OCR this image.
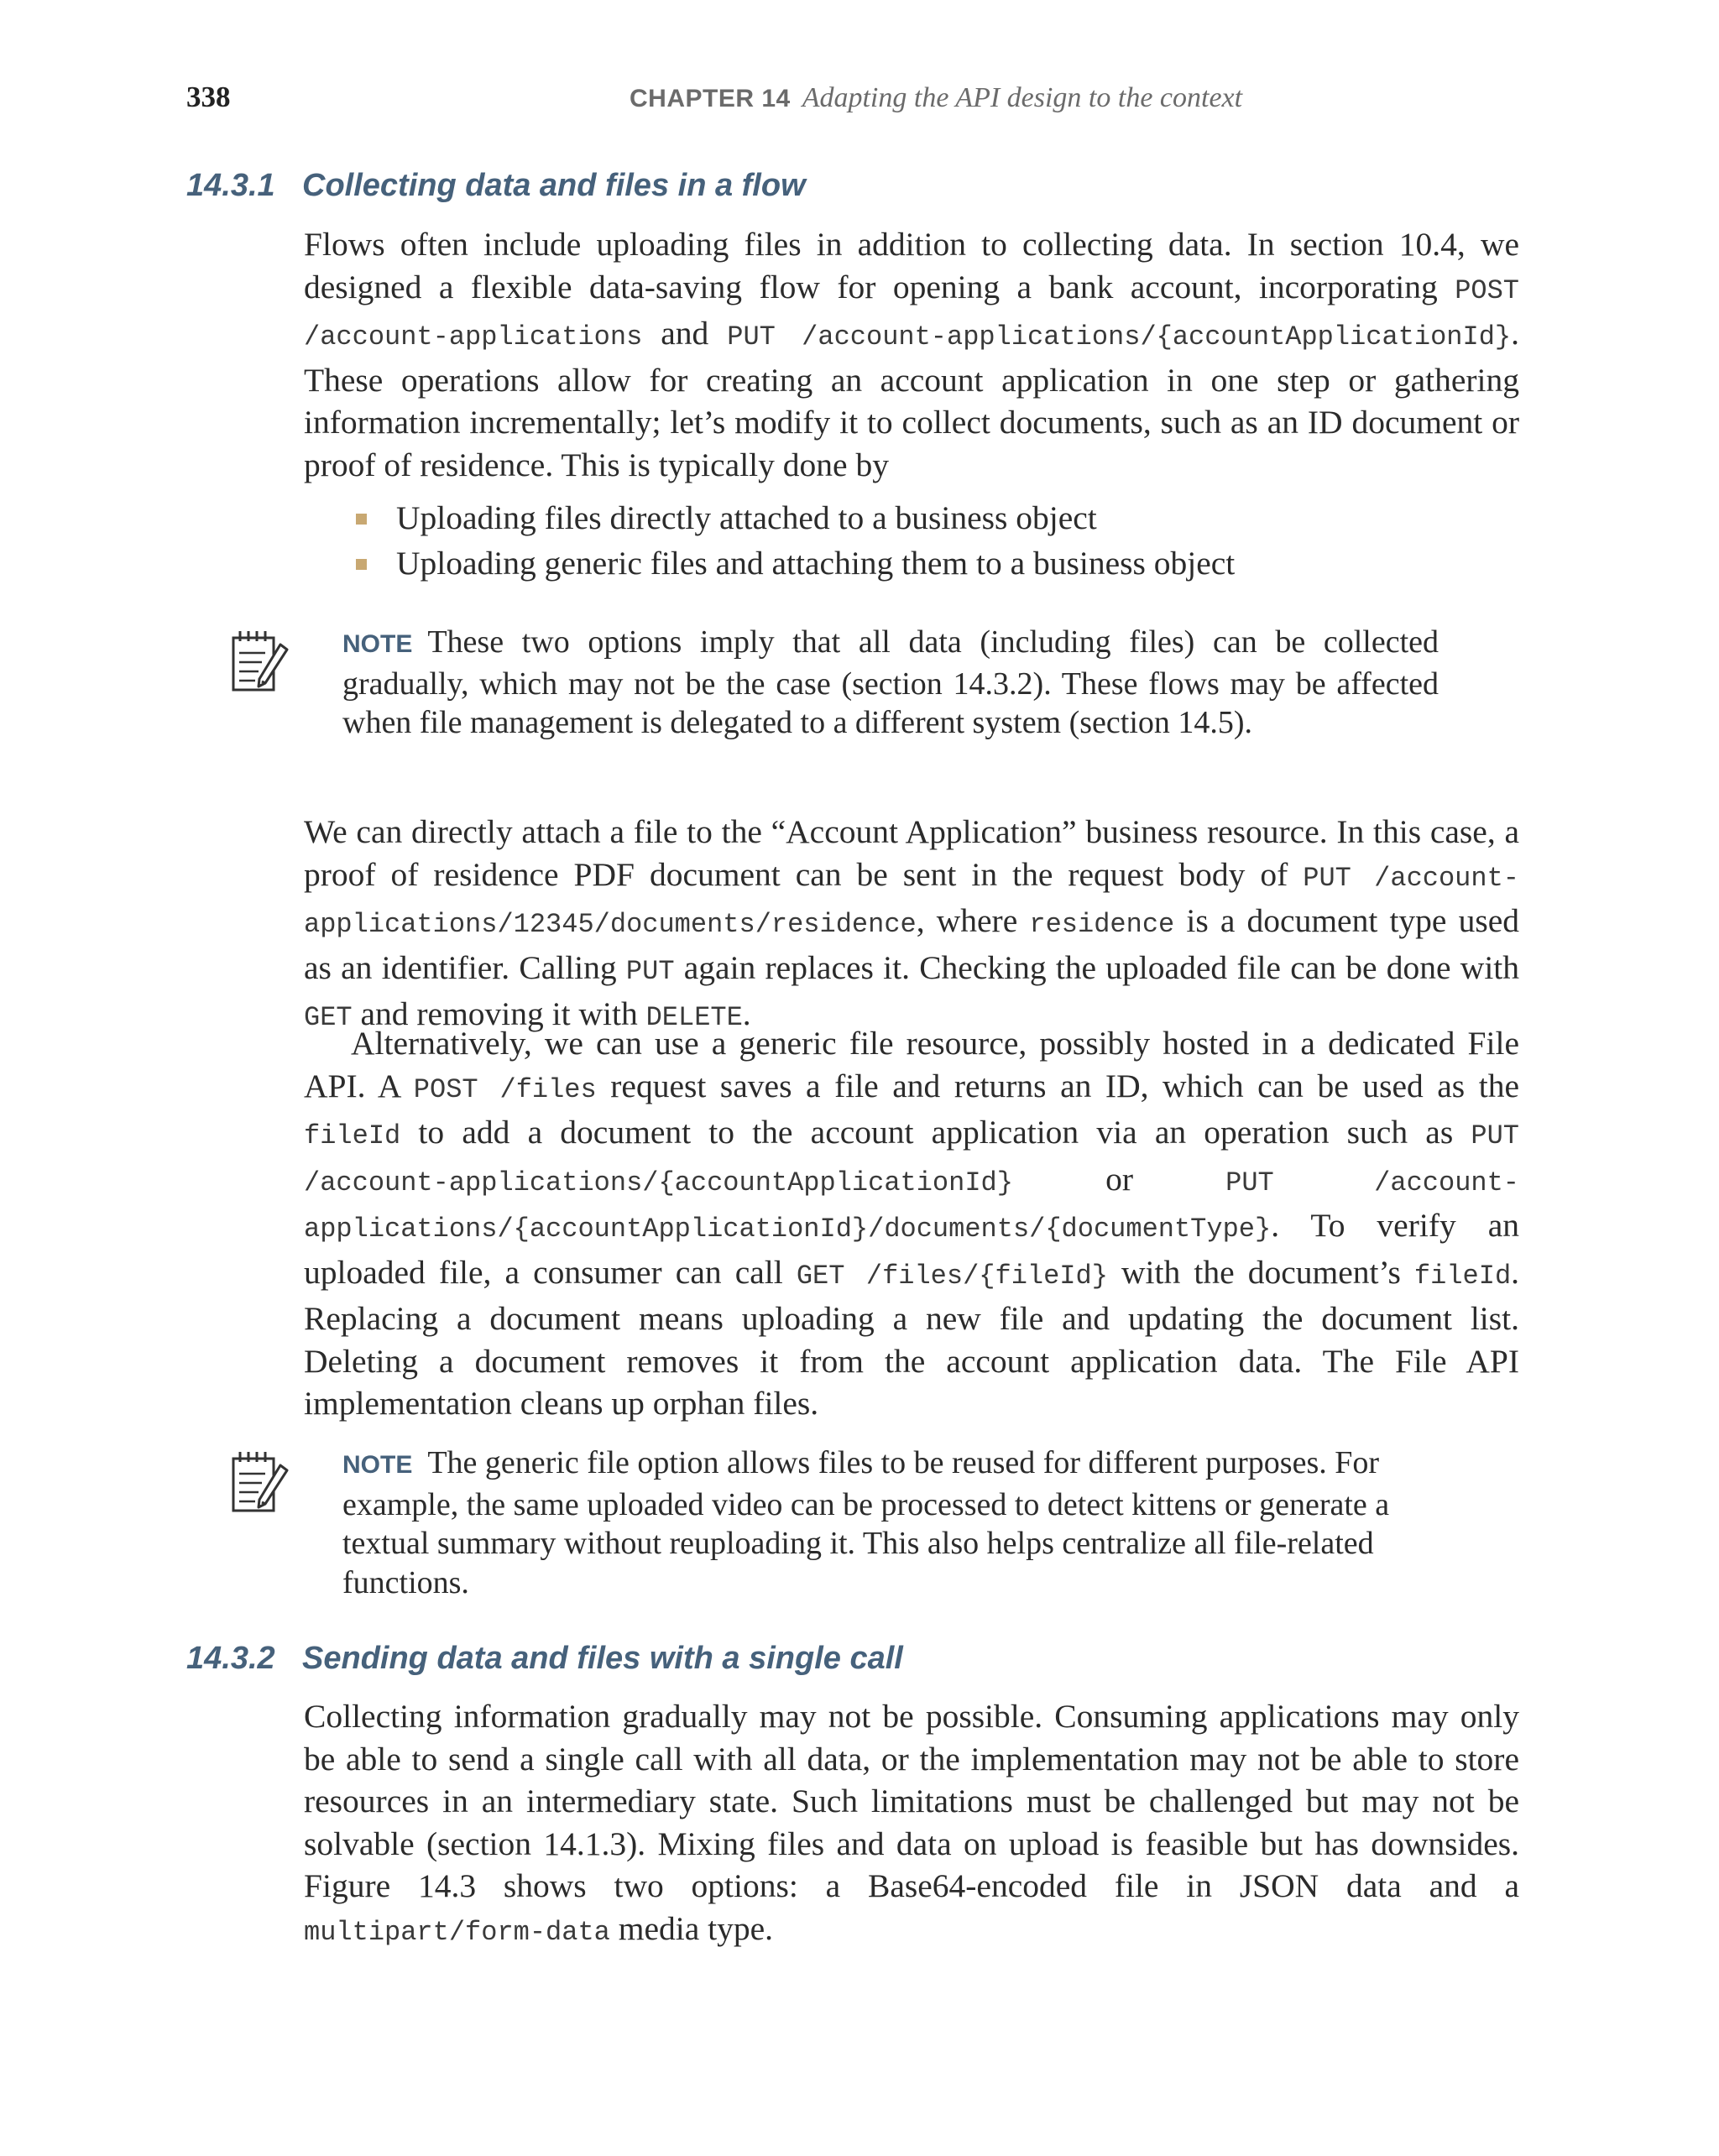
338	CHAPTER 14 Adapting the API design to the context
14.3.1 Collecting data and files in a flow

Flows often include uploading files in addition to collecting data. In section 10.4, we designed a flexible data-saving flow for opening a bank account, incorporating POST /account-applications and PUT /account-applications/{accountApplicationId}. These operations allow for creating an account application in one step or gathering information incrementally; let’s modify it to collect documents, such as an ID document or proof of residence. This is typically done by

Uploading files directly attached to a business object
Uploading generic files and attaching them to a business object

NOTE These two options imply that all data (including files) can be collected gradually, which may not be the case (section 14.3.2). These flows may be affected when file management is delegated to a different system (section 14.5).

We can directly attach a file to the “Account Application” business resource. In this case, a proof of residence PDF document can be sent in the request body of PUT /account-applications/12345/documents/residence, where residence is a document type used as an identifier. Calling PUT again replaces it. Checking the uploaded file can be done with GET and removing it with DELETE.

Alternatively, we can use a generic file resource, possibly hosted in a dedicated File API. A POST /files request saves a file and returns an ID, which can be used as the fileId to add a document to the account application via an operation such as PUT /account-applications/{accountApplicationId} or PUT /account-applications/{accountApplicationId}/documents/{documentType}. To verify an uploaded file, a consumer can call GET /files/{fileId} with the document’s fileId. Replacing a document means uploading a new file and updating the document list. Deleting a document removes it from the account application data. The File API implementation cleans up orphan files.

NOTE The generic file option allows files to be reused for different purposes. For example, the same uploaded video can be processed to detect kittens or generate a textual summary without reuploading it. This also helps centralize all file-related functions.

14.3.2 Sending data and files with a single call

Collecting information gradually may not be possible. Consuming applications may only be able to send a single call with all data, or the implementation may not be able to store resources in an intermediary state. Such limitations must be challenged but may not be solvable (section 14.1.3). Mixing files and data on upload is feasible but has downsides. Figure 14.3 shows two options: a Base64-encoded file in JSON data and a multipart/form-data media type.
